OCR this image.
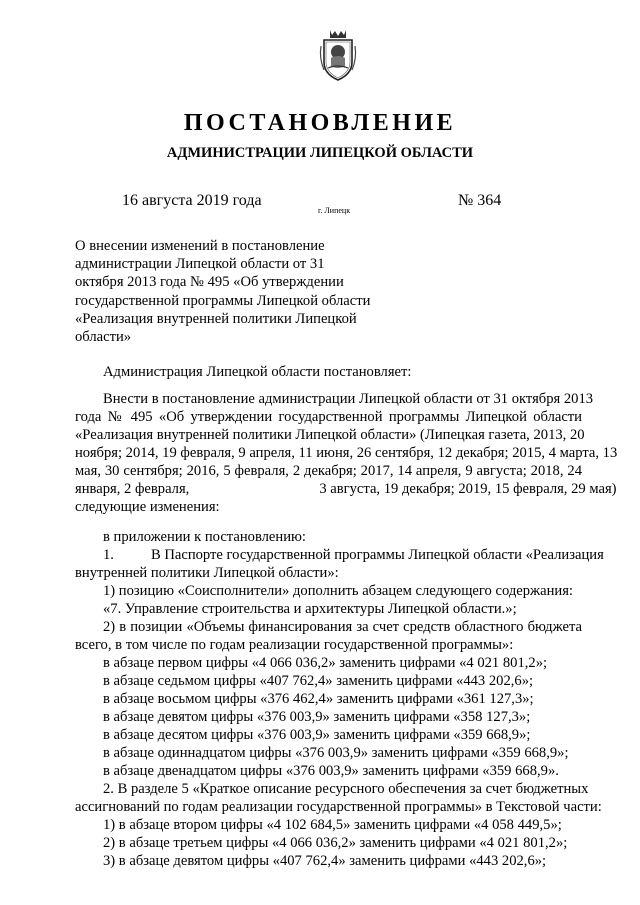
ПОСТАНОВЛЕНИЕ
АДМИНИСТРАЦИИ ЛИПЕЦКОЙ ОБЛАСТИ
16 августа 2019 года
г. Липецк
№ 364
О внесении изменений в постановление
администрации Липецкой области от 31
октября 2013 года № 495 «Об утверждении
государственной программы Липецкой области
«Реализация внутренней политики Липецкой
области»
Администрация Липецкой области постановляет:
Внести в постановление администрации Липецкой области от 31 октября 2013
года № 495 «Об утверждении государственной программы Липецкой области
«Реализация внутренней политики Липецкой области» (Липецкая газета, 2013, 20
ноября; 2014, 19 февраля, 9 апреля, 11 июня, 26 сентября, 12 декабря; 2015, 4 марта, 13
мая, 30 сентября; 2016, 5 февраля, 2 декабря; 2017, 14 апреля, 9 августа; 2018, 24
января, 2 февраля,	3 августа, 19 декабря; 2019, 15 февраля, 29 мая)
следующие изменения:
в приложении к постановлению:
1.	В Паспорте государственной программы Липецкой области «Реализация
внутренней политики Липецкой области»:
1) позицию «Соисполнители» дополнить абзацем следующего содержания:
«7. Управление строительства и архитектуры Липецкой области.»;
2) в позиции «Объемы финансирования за счет средств областного бюджета
всего, в том числе по годам реализации государственной программы»:
в абзаце первом цифры «4 066 036,2» заменить цифрами «4 021 801,2»;
в абзаце седьмом цифры «407 762,4» заменить цифрами «443 202,6»;
в абзаце восьмом цифры «376 462,4» заменить цифрами «361 127,3»;
в абзаце девятом цифры «376 003,9» заменить цифрами «358 127,3»;
в абзаце десятом цифры «376 003,9» заменить цифрами «359 668,9»;
в абзаце одиннадцатом цифры «376 003,9» заменить цифрами «359 668,9»;
в абзаце двенадцатом цифры «376 003,9» заменить цифрами «359 668,9».
2. В разделе 5 «Краткое описание ресурсного обеспечения за счет бюджетных
ассигнований по годам реализации государственной программы» в Текстовой части:
1) в абзаце втором цифры «4 102 684,5» заменить цифрами «4 058 449,5»;
2) в абзаце третьем цифры «4 066 036,2» заменить цифрами «4 021 801,2»;
3) в абзаце девятом цифры «407 762,4» заменить цифрами «443 202,6»;
